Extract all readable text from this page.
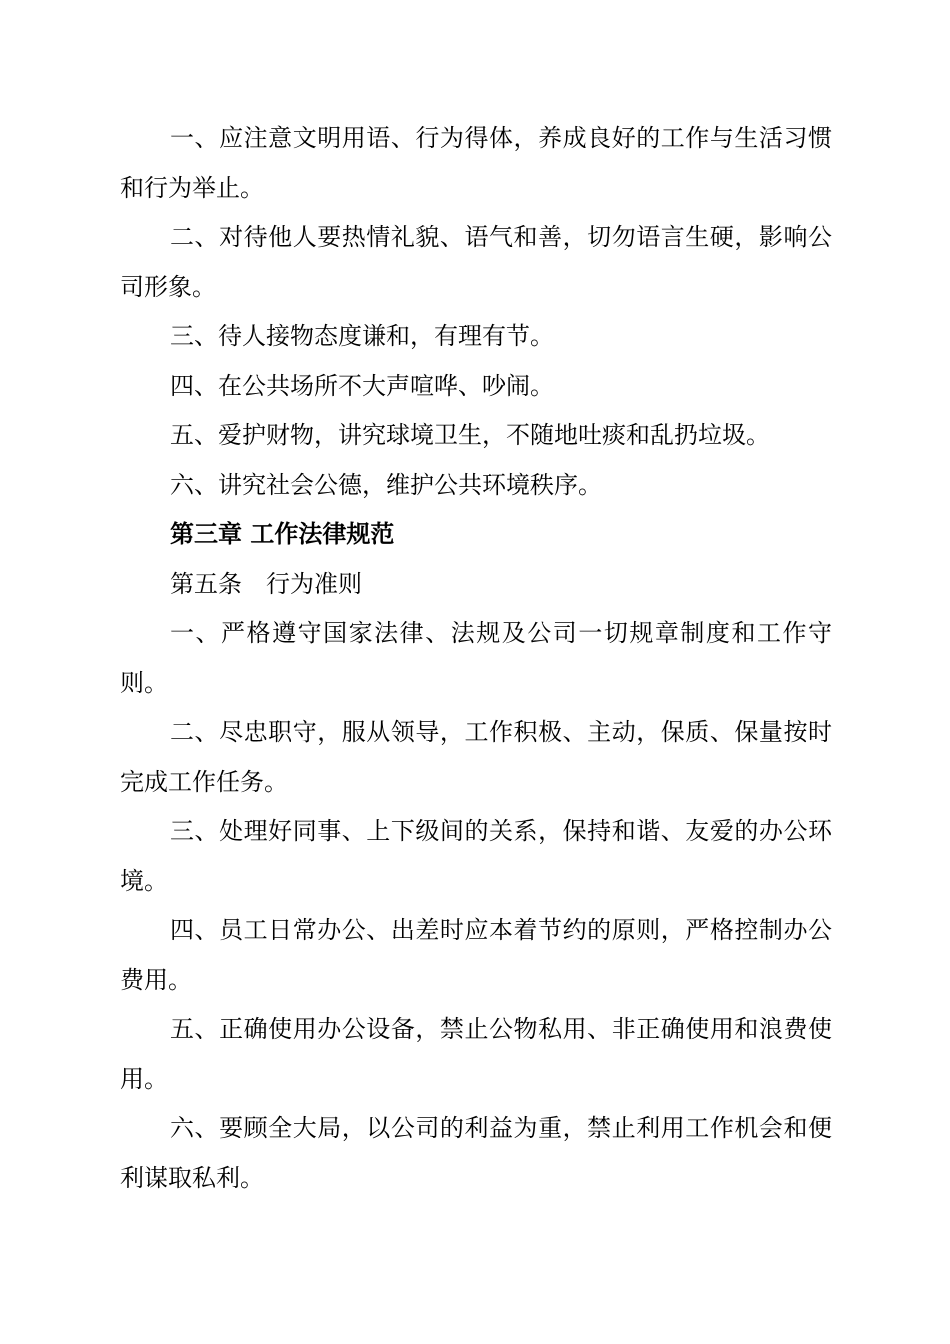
一、应注意文明用语、行为得体，养成良好的工作与生活习惯和行为举止。

二、对待他人要热情礼貌、语气和善，切勿语言生硬，影响公司形象。

三、待人接物态度谦和，有理有节。

四、在公共场所不大声喧哗、吵闹。

五、爱护财物，讲究球境卫生，不随地吐痰和乱扔垃圾。

六、讲究社会公德，维护公共环境秩序。

第三章 工作法律规范

第五条　行为准则

一、严格遵守国家法律、法规及公司一切规章制度和工作守则。

二、尽忠职守，服从领导，工作积极、主动，保质、保量按时完成工作任务。

三、处理好同事、上下级间的关系，保持和谐、友爱的办公环境。

四、员工日常办公、出差时应本着节约的原则，严格控制办公费用。

五、正确使用办公设备，禁止公物私用、非正确使用和浪费使用。

六、要顾全大局，以公司的利益为重，禁止利用工作机会和便利谋取私利。
